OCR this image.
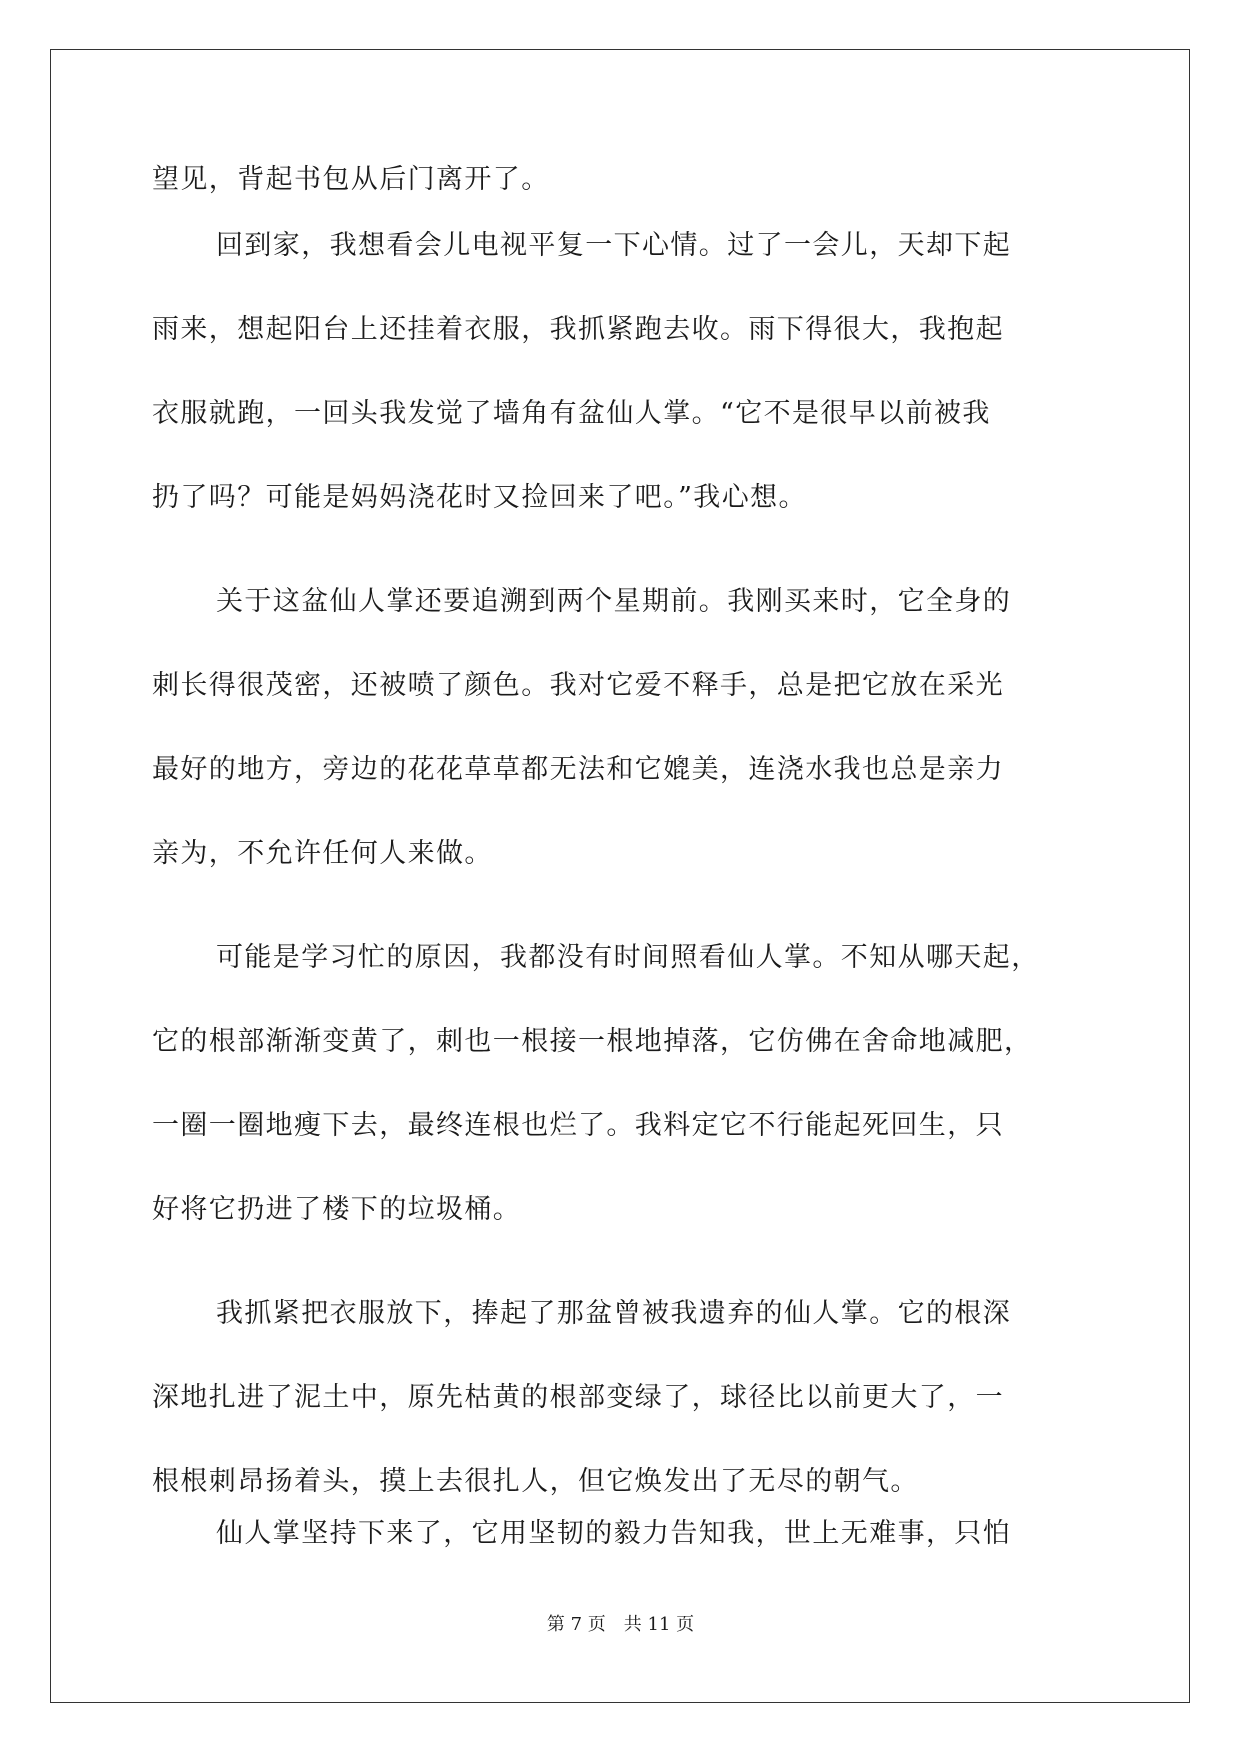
望见，背起书包从后门离开了。
回到家，我想看会儿电视平复一下心情。过了一会儿，天却下起
雨来，想起阳台上还挂着衣服，我抓紧跑去收。雨下得很大，我抱起
衣服就跑，一回头我发觉了墙角有盆仙人掌。“它不是很早以前被我
扔了吗？可能是妈妈浇花时又捡回来了吧。”我心想。
关于这盆仙人掌还要追溯到两个星期前。我刚买来时，它全身的
刺长得很茂密，还被喷了颜色。我对它爱不释手，总是把它放在采光
最好的地方，旁边的花花草草都无法和它媲美，连浇水我也总是亲力
亲为，不允许任何人来做。
可能是学习忙的原因，我都没有时间照看仙人掌。不知从哪天起，
它的根部渐渐变黄了，刺也一根接一根地掉落，它仿佛在舍命地减肥，
一圈一圈地瘦下去，最终连根也烂了。我料定它不行能起死回生，只
好将它扔进了楼下的垃圾桶。
我抓紧把衣服放下，捧起了那盆曾被我遗弃的仙人掌。它的根深
深地扎进了泥土中，原先枯黄的根部变绿了，球径比以前更大了，一
根根刺昂扬着头，摸上去很扎人，但它焕发出了无尽的朝气。
仙人掌坚持下来了，它用坚韧的毅力告知我，世上无难事，只怕
第 7 页 共 11 页
